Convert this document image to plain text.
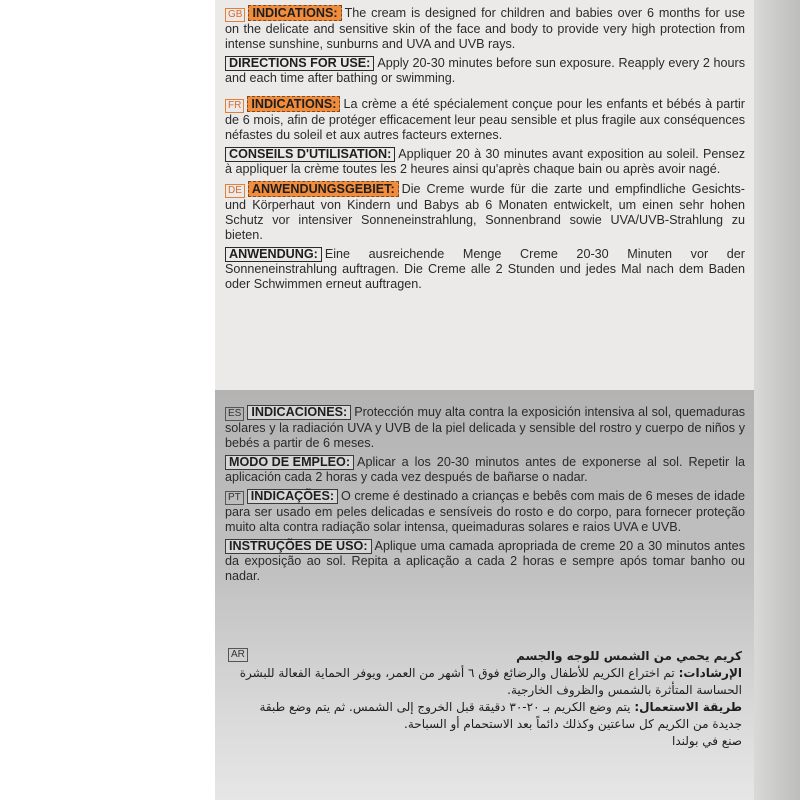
GB INDICATIONS: The cream is designed for children and babies over 6 months for use on the delicate and sensitive skin of the face and body to provide very high protection from intense sunshine, sunburns and UVA and UVB rays.

DIRECTIONS FOR USE: Apply 20-30 minutes before sun exposure. Reapply every 2 hours and each time after bathing or swimming.

FR INDICATIONS: La crème a été spécialement conçue pour les enfants et bébés à partir de 6 mois, afin de protéger efficacement leur peau sensible et plus fragile aux conséquences néfastes du soleil et aux autres facteurs externes.

CONSEILS D'UTILISATION: Appliquer 20 à 30 minutes avant exposition au soleil. Pensez à appliquer la crème toutes les 2 heures ainsi qu'après chaque bain ou après avoir nagé.

DE ANWENDUNGSGEBIET: Die Creme wurde für die zarte und empfindliche Gesichts- und Körperhaut von Kindern und Babys ab 6 Monaten entwickelt, um einen sehr hohen Schutz vor intensiver Sonneneinstrahlung, Sonnenbrand sowie UVA/UVB-Strahlung zu bieten.

ANWENDUNG: Eine ausreichende Menge Creme 20-30 Minuten vor der Sonneneinstrahlung auftragen. Die Creme alle 2 Stunden und jedes Mal nach dem Baden oder Schwimmen erneut auftragen.

ES INDICACIONES: Protección muy alta contra la exposición intensiva al sol, quemaduras solares y la radiación UVA y UVB de la piel delicada y sensible del rostro y cuerpo de niños y bebés a partir de 6 meses.

MODO DE EMPLEO: Aplicar a los 20-30 minutos antes de exponerse al sol. Repetir la aplicación cada 2 horas y cada vez después de bañarse o nadar.

PT INDICAÇÕES: O creme é destinado a crianças e bebês com mais de 6 meses de idade para ser usado em peles delicadas e sensíveis do rosto e do corpo, para fornecer proteção muito alta contra radiação solar intensa, queimaduras solares e raios UVA e UVB.

INSTRUÇÕES DE USO: Aplique uma camada apropriada de creme 20 a 30 minutos antes da exposição ao sol. Repita a aplicação a cada 2 horas e sempre após tomar banho ou nadar.

AR	كريم يحمي من الشمس للوجه والجسم
الإرشادات: تم اختراع الكريم للأطفال والرضائع فوق ٦ أشهر من العمر، ويوفر الحماية الفعالة للبشرة الحساسة المتأثرة بالشمس والظروف الخارجية.
طريقة الاستعمال: يتم وضع الكريم بـ ٢٠-٣٠ دقيقة قبل الخروج إلى الشمس. ثم يتم وضع طبقة جديدة من الكريم كل ساعتين وكذلك دائماً بعد الاستحمام أو السباحة.
صنع في بولندا
